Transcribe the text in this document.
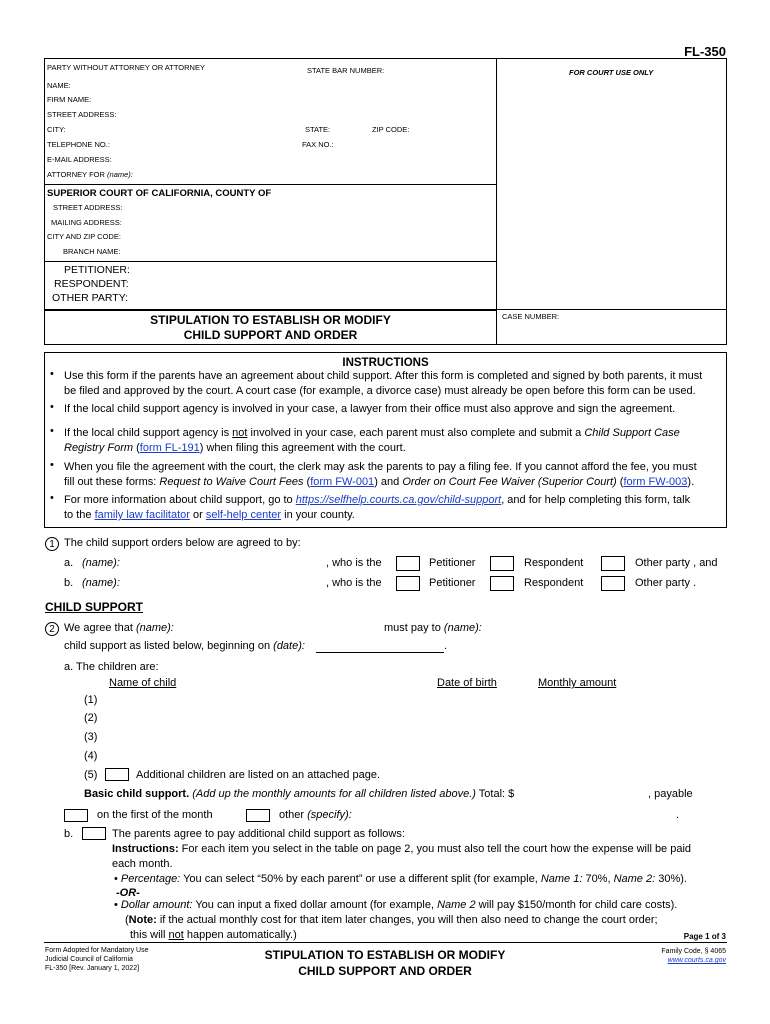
FL-350
PARTY WITHOUT ATTORNEY OR ATTORNEY	STATE BAR NUMBER:	FOR COURT USE ONLY
NAME:
FIRM NAME:
STREET ADDRESS:
CITY:	STATE:	ZIP CODE:
TELEPHONE NO.:	FAX NO.:
E-MAIL ADDRESS:
ATTORNEY FOR (name):
SUPERIOR COURT OF CALIFORNIA, COUNTY OF
STREET ADDRESS:
MAILING ADDRESS:
CITY AND ZIP CODE:
BRANCH NAME:
PETITIONER:
RESPONDENT:
OTHER PARTY:
STIPULATION TO ESTABLISH OR MODIFY
CHILD SUPPORT AND ORDER
CASE NUMBER:
INSTRUCTIONS
• Use this form if the parents have an agreement about child support. After this form is completed and signed by both parents, it must
be filed and approved by the court. A court case (for example, a divorce case) must already be open before this form can be used.
• If the local child support agency is involved in your case, a lawyer from their office must also approve and sign the agreement.
• If the local child support agency is not involved in your case, each parent must also complete and submit a Child Support Case
Registry Form (form FL-191) when filing this agreement with the court.
• When you file the agreement with the court, the clerk may ask the parents to pay a filing fee. If you cannot afford the fee, you must
fill out these forms: Request to Waive Court Fees (form FW-001) and Order on Court Fee Waiver (Superior Court) (form FW-003).
• For more information about child support, go to https://selfhelp.courts.ca.gov/child-support, and for help completing this form, talk
to the family law facilitator or self-help center in your county.
1 The child support orders below are agreed to by:
a. (name):	, who is the	Petitioner	Respondent	Other party , and
b. (name):	, who is the	Petitioner	Respondent	Other party .
CHILD SUPPORT
2 We agree that (name):	must pay to (name):
child support as listed below, beginning on (date):	.
a. The children are:
Name of child	Date of birth	Monthly amount
(1)
(2)
(3)
(4)
(5)	Additional children are listed on an attached page.
Basic child support. (Add up the monthly amounts for all children listed above.) Total: $	, payable
on the first of the month	other (specify):	.
b.	The parents agree to pay additional child support as follows:
Instructions: For each item you select in the table on page 2, you must also tell the court how the expense will be paid
each month.
• Percentage: You can select “50% by each parent” or use a different split (for example, Name 1: 70%, Name 2: 30%).
-OR-
• Dollar amount: You can input a fixed dollar amount (for example, Name 2 will pay $150/month for child care costs).
(Note: if the actual monthly cost for that item later changes, you will then also need to change the court order;
this will not happen automatically.)	Page 1 of 3
Form Adopted for Mandatory Use
Judicial Council of California
FL-350 [Rev. January 1, 2022]
STIPULATION TO ESTABLISH OR MODIFY
CHILD SUPPORT AND ORDER
Family Code, § 4065
www.courts.ca.gov
